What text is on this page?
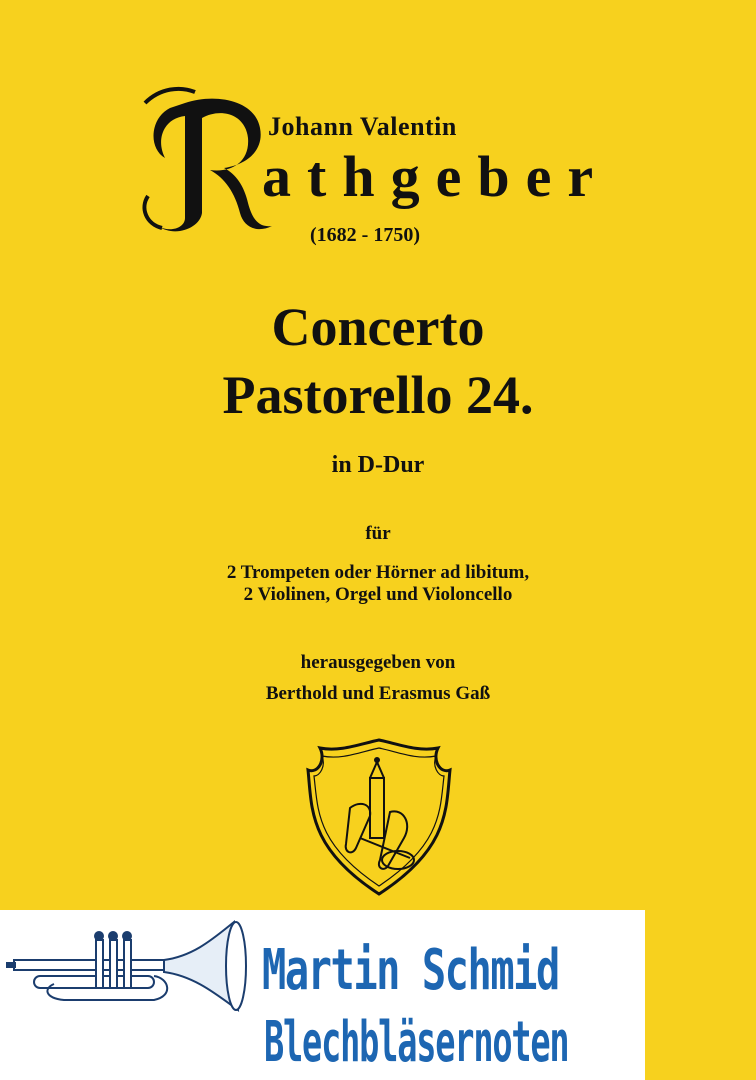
Johann Valentin
athgeber
(1682 - 1750)
Concerto
Pastorello 24.
in D-Dur
für
2 Trompeten oder Hörner ad libitum,
2 Violinen, Orgel und Violoncello
herausgegeben von
Berthold und Erasmus Gaß
Martin Schmid
Blechbläsernoten
